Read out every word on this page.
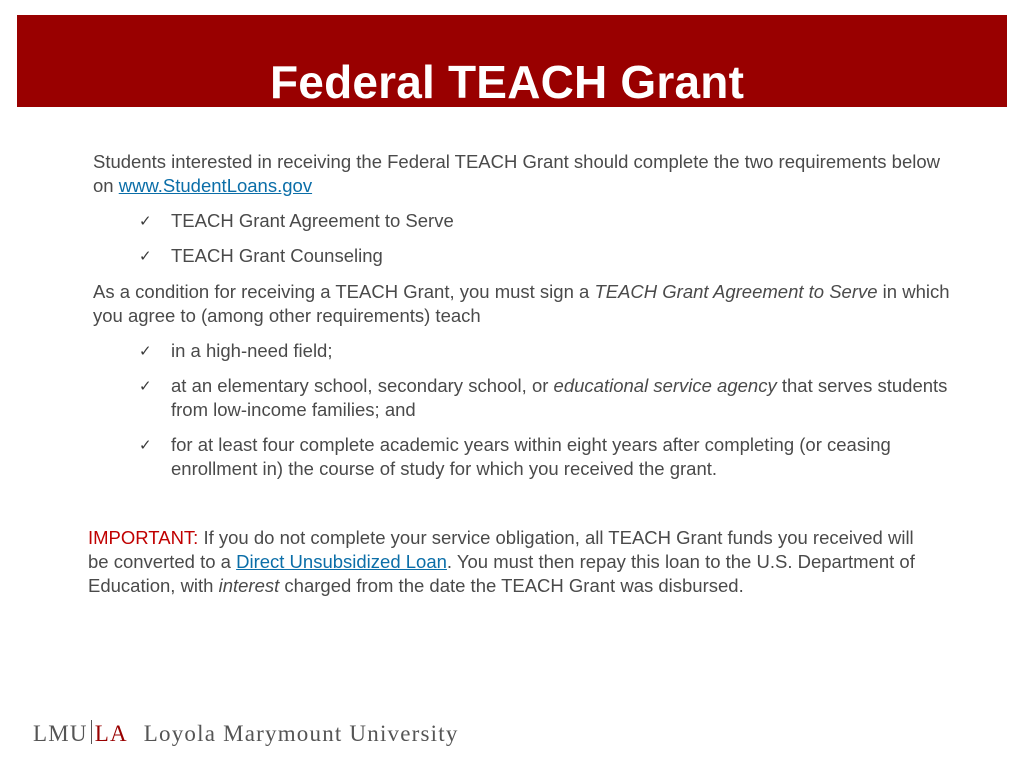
Federal TEACH Grant

Students interested in receiving the Federal TEACH Grant should complete the two requirements below on www.StudentLoans.gov

✓ TEACH Grant Agreement to Serve
✓ TEACH Grant Counseling

As a condition for receiving a TEACH Grant, you must sign a TEACH Grant Agreement to Serve in which you agree to (among other requirements) teach

✓ in a high-need field;
✓ at an elementary school, secondary school, or educational service agency that serves students from low-income families; and
✓ for at least four complete academic years within eight years after completing (or ceasing enrollment in) the course of study for which you received the grant.

IMPORTANT: If you do not complete your service obligation, all TEACH Grant funds you received will be converted to a Direct Unsubsidized Loan. You must then repay this loan to the U.S. Department of Education, with interest charged from the date the TEACH Grant was disbursed.

LMU LA Loyola Marymount University
